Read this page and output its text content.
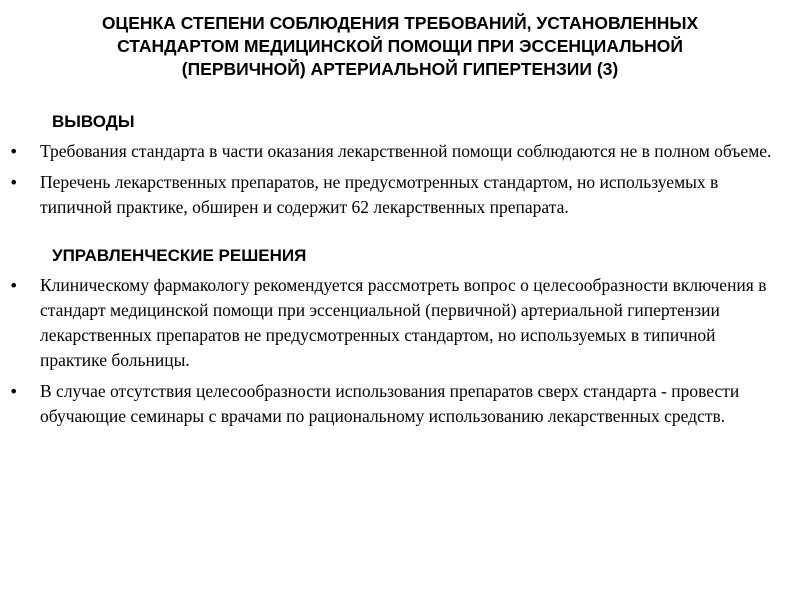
ОЦЕНКА СТЕПЕНИ СОБЛЮДЕНИЯ ТРЕБОВАНИЙ, УСТАНОВЛЕННЫХ
СТАНДАРТОМ МЕДИЦИНСКОЙ ПОМОЩИ ПРИ ЭССЕНЦИАЛЬНОЙ
(ПЕРВИЧНОЙ) АРТЕРИАЛЬНОЙ ГИПЕРТЕНЗИИ (3)
ВЫВОДЫ
• Требования стандарта в части оказания лекарственной помощи соблюдаются не в полном объеме.
• Перечень лекарственных препаратов, не предусмотренных стандартом, но используемых в типичной практике, обширен и содержит 62 лекарственных препарата.
УПРАВЛЕНЧЕСКИЕ РЕШЕНИЯ
• Клиническому фармакологу рекомендуется рассмотреть вопрос о целесообразности включения в стандарт медицинской помощи при эссенциальной (первичной) артериальной гипертензии лекарственных препаратов не предусмотренных стандартом, но используемых в типичной практике больницы.
• В случае отсутствия целесообразности использования препаратов сверх стандарта - провести обучающие семинары с врачами по рациональному использованию лекарственных средств.
